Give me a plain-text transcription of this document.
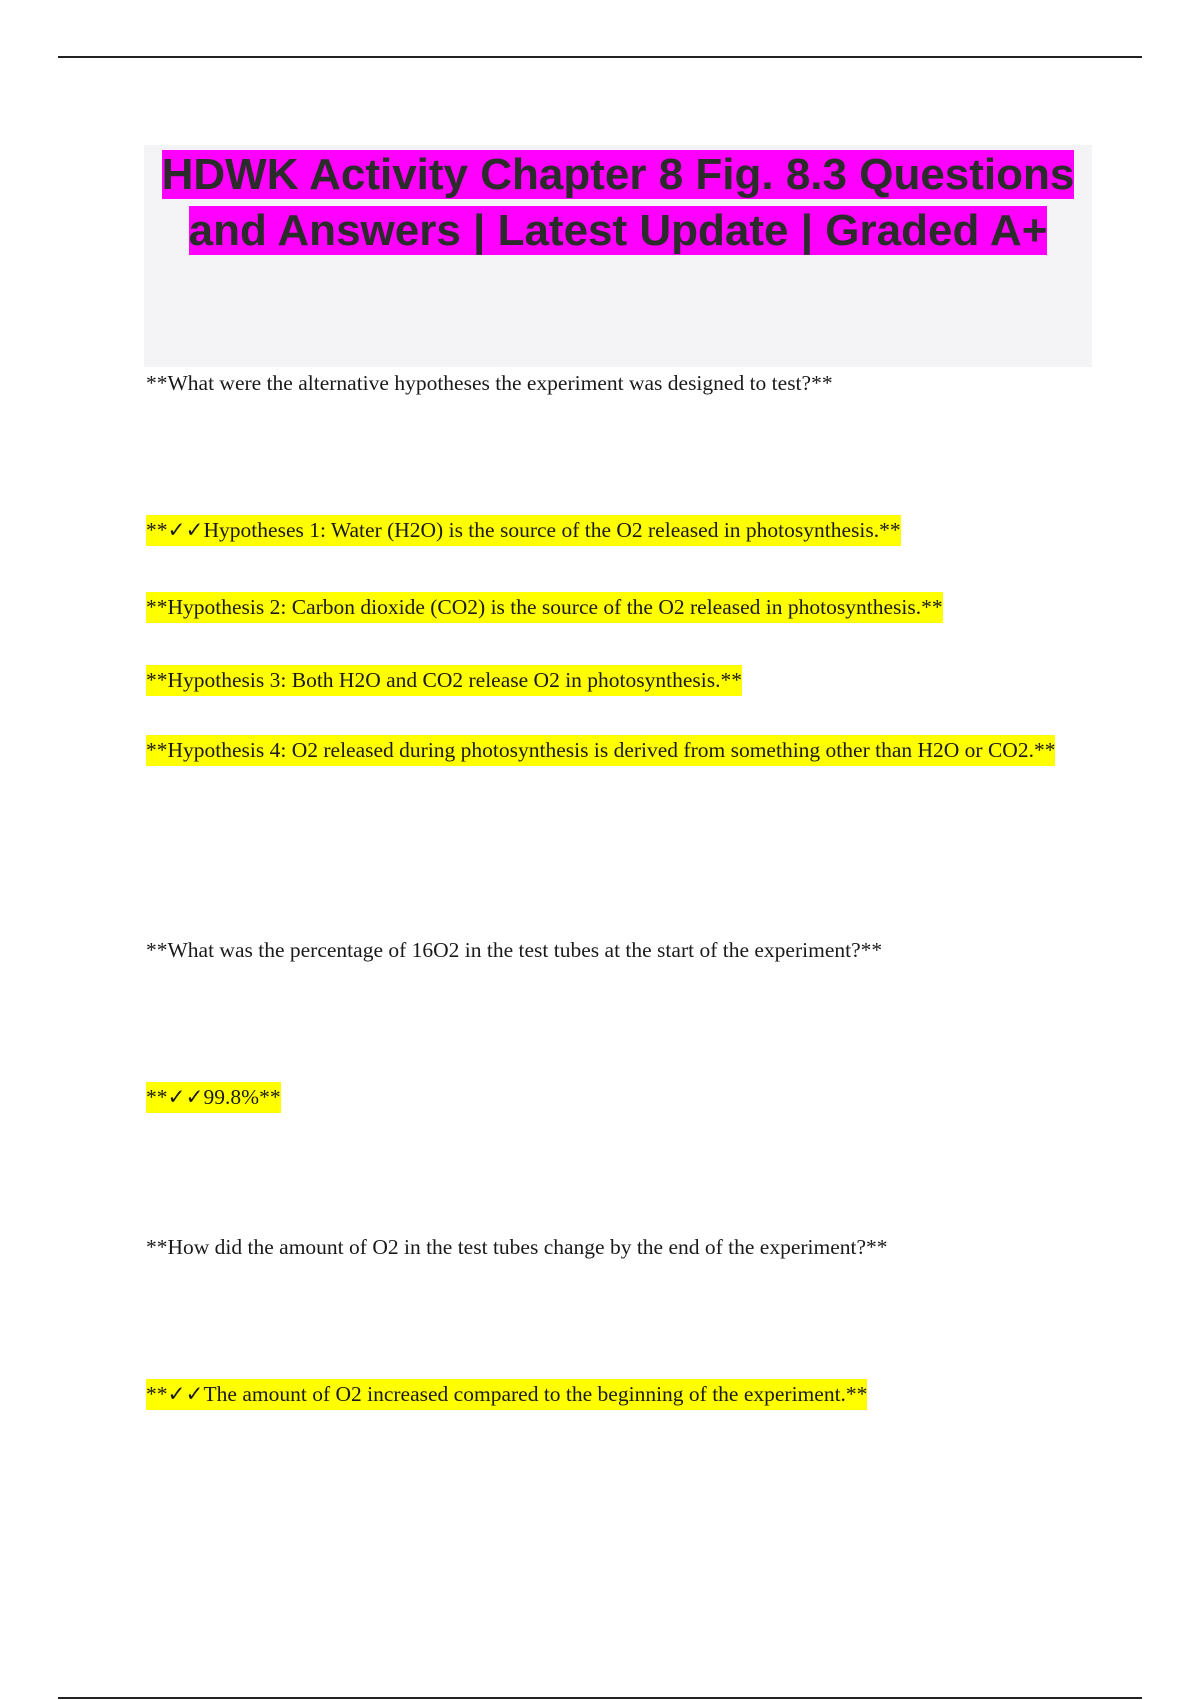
HDWK Activity Chapter 8 Fig. 8.3 Questions and Answers | Latest Update | Graded A+
**What were the alternative hypotheses the experiment was designed to test?**
**✓✓Hypotheses 1: Water (H2O) is the source of the O2 released in photosynthesis.**
**Hypothesis 2: Carbon dioxide (CO2) is the source of the O2 released in photosynthesis.**
**Hypothesis 3: Both H2O and CO2 release O2 in photosynthesis.**
**Hypothesis 4: O2 released during photosynthesis is derived from something other than H2O or CO2.**
**What was the percentage of 16O2 in the test tubes at the start of the experiment?**
**✓✓99.8%**
**How did the amount of O2 in the test tubes change by the end of the experiment?**
**✓✓The amount of O2 increased compared to the beginning of the experiment.**
